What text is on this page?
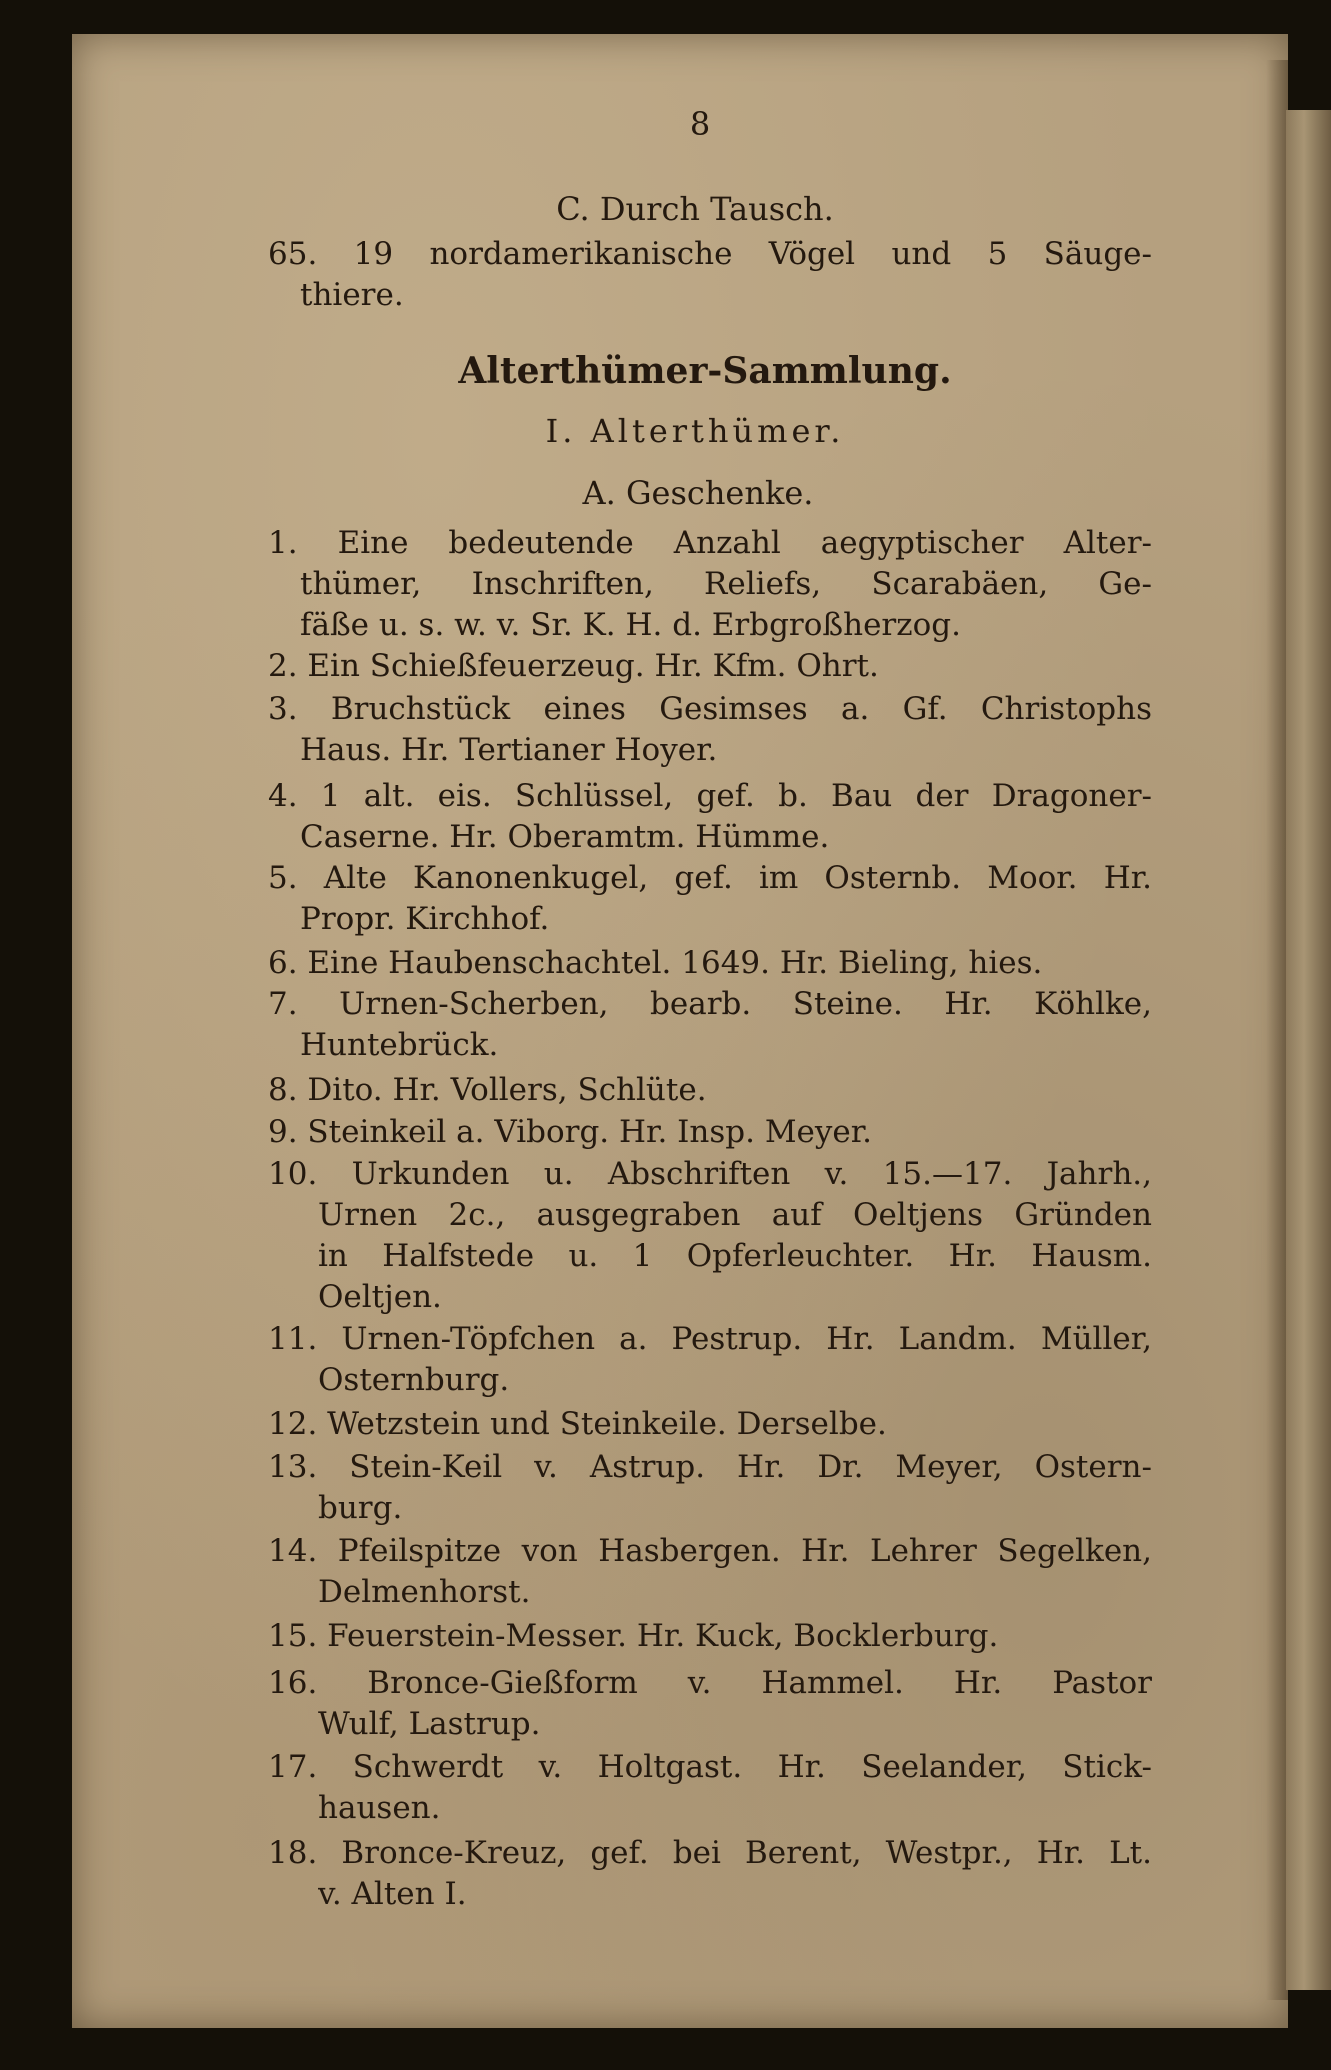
8
C. Durch Tausch.
65. 19 nordamerikanische Vögel und 5 Säuge-
thiere.
Alterthümer-Sammlung.
I. Alterthümer.
A. Geschenke.
1. Eine bedeutende Anzahl aegyptischer Alter-
thümer, Inschriften, Reliefs, Scarabäen, Ge-
fäße u. s. w. v. Sr. K. H. d. Erbgroßherzog.
2. Ein Schießfeuerzeug. Hr. Kfm. Ohrt.
3. Bruchstück eines Gesimses a. Gf. Christophs
Haus. Hr. Tertianer Hoyer.
4. 1 alt. eis. Schlüssel, gef. b. Bau der Dragoner-
Caserne. Hr. Oberamtm. Hümme.
5. Alte Kanonenkugel, gef. im Osternb. Moor. Hr.
Propr. Kirchhof.
6. Eine Haubenschachtel. 1649. Hr. Bieling, hies.
7. Urnen-Scherben, bearb. Steine. Hr. Köhlke,
Huntebrück.
8. Dito. Hr. Vollers, Schlüte.
9. Steinkeil a. Viborg. Hr. Insp. Meyer.
10. Urkunden u. Abschriften v. 15.—17. Jahrh.,
Urnen 2c., ausgegraben auf Oeltjens Gründen
in Halfstede u. 1 Opferleuchter. Hr. Hausm.
Oeltjen.
11. Urnen-Töpfchen a. Pestrup. Hr. Landm. Müller,
Osternburg.
12. Wetzstein und Steinkeile. Derselbe.
13. Stein-Keil v. Astrup. Hr. Dr. Meyer, Ostern-
burg.
14. Pfeilspitze von Hasbergen. Hr. Lehrer Segelken,
Delmenhorst.
15. Feuerstein-Messer. Hr. Kuck, Bocklerburg.
16. Bronce-Gießform v. Hammel. Hr. Pastor
Wulf, Lastrup.
17. Schwerdt v. Holtgast. Hr. Seelander, Stick-
hausen.
18. Bronce-Kreuz, gef. bei Berent, Westpr., Hr. Lt.
v. Alten I.
